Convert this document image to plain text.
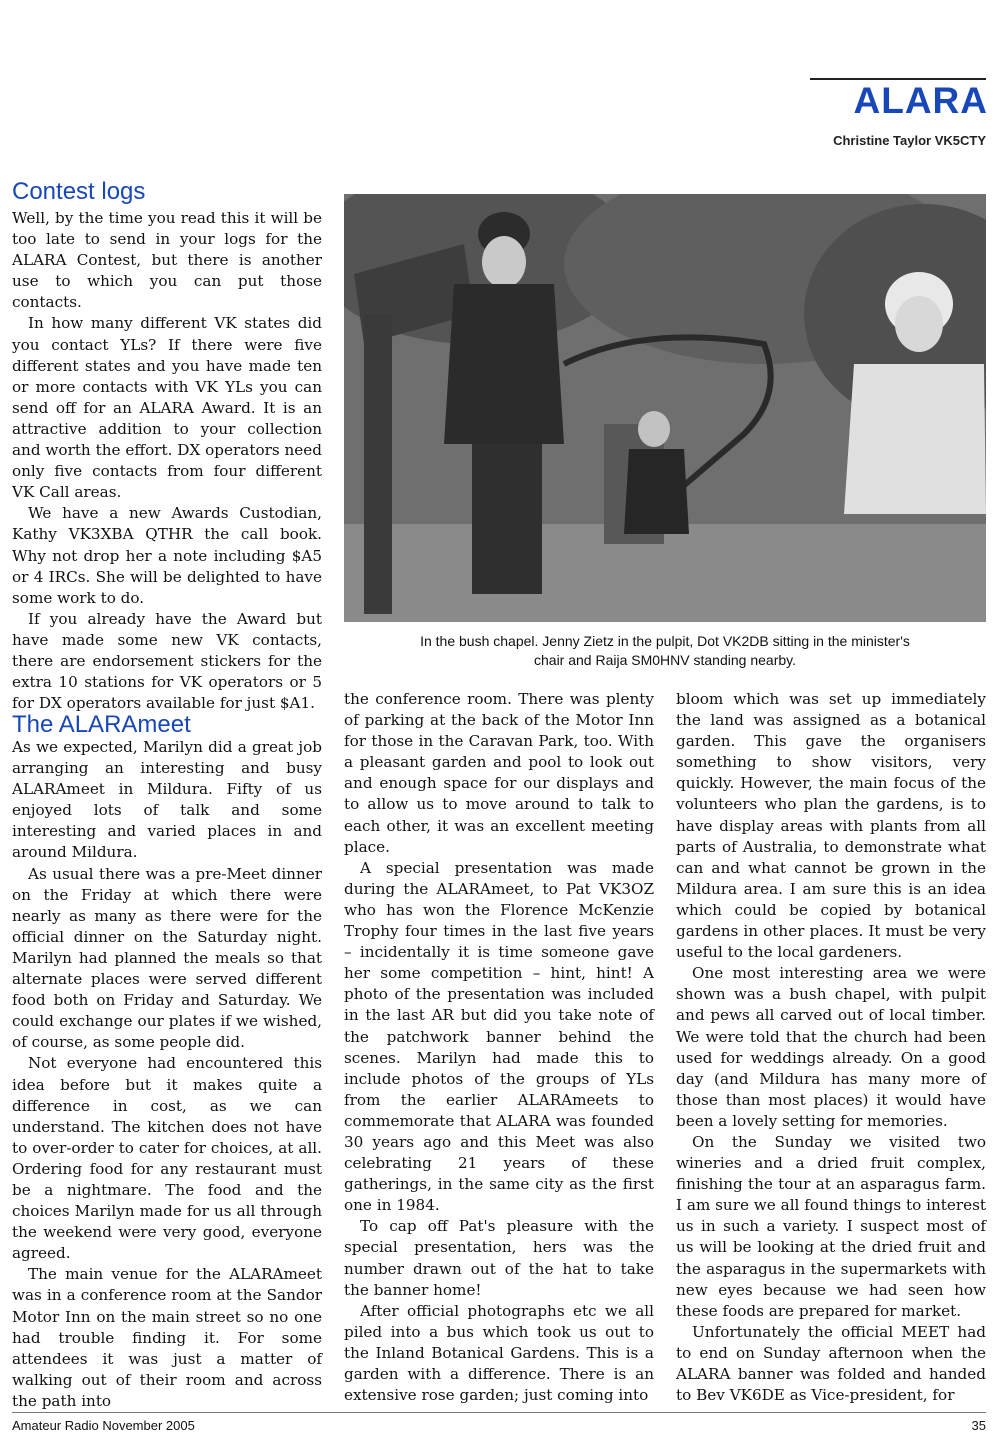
ALARA
Christine Taylor VK5CTY
Contest logs

Well, by the time you read this it will be too late to send in your logs for the ALARA Contest, but there is another use to which you can put those contacts.

In how many different VK states did you contact YLs? If there were five different states and you have made ten or more contacts with VK YLs you can send off for an ALARA Award. It is an attractive addition to your collection and worth the effort. DX operators need only five contacts from four different VK Call areas.

We have a new Awards Custodian, Kathy VK3XBA QTHR the call book. Why not drop her a note including $A5 or 4 IRCs. She will be delighted to have some work to do.

If you already have the Award but have made some new VK contacts, there are endorsement stickers for the extra 10 stations for VK operators or 5 for DX operators available for just $A1.

The ALARAmeet

As we expected, Marilyn did a great job arranging an interesting and busy ALARAmeet in Mildura. Fifty of us enjoyed lots of talk and some interesting and varied places in and around Mildura.

As usual there was a pre-Meet dinner on the Friday at which there were nearly as many as there were for the official dinner on the Saturday night. Marilyn had planned the meals so that alternate places were served different food both on Friday and Saturday. We could exchange our plates if we wished, of course, as some people did.

Not everyone had encountered this idea before but it makes quite a difference in cost, as we can understand. The kitchen does not have to over-order to cater for choices, at all. Ordering food for any restaurant must be a nightmare. The food and the choices Marilyn made for us all through the weekend were very good, everyone agreed.

The main venue for the ALARAmeet was in a conference room at the Sandor Motor Inn on the main street so no one had trouble finding it. For some attendees it was just a matter of walking out of their room and across the path into

In the bush chapel. Jenny Zietz in the pulpit, Dot VK2DB sitting in the minister's
chair and Raija SM0HNV standing nearby.

the conference room. There was plenty of parking at the back of the Motor Inn for those in the Caravan Park, too. With a pleasant garden and pool to look out and enough space for our displays and to allow us to move around to talk to each other, it was an excellent meeting place.

A special presentation was made during the ALARAmeet, to Pat VK3OZ who has won the Florence McKenzie Trophy four times in the last five years – incidentally it is time someone gave her some competition – hint, hint! A photo of the presentation was included in the last AR but did you take note of the patchwork banner behind the scenes. Marilyn had made this to include photos of the groups of YLs from the earlier ALARAmeets to commemorate that ALARA was founded 30 years ago and this Meet was also celebrating 21 years of these gatherings, in the same city as the first one in 1984.

To cap off Pat's pleasure with the special presentation, hers was the number drawn out of the hat to take the banner home!

After official photographs etc we all piled into a bus which took us out to the Inland Botanical Gardens. This is a garden with a difference. There is an extensive rose garden; just coming into

bloom which was set up immediately the land was assigned as a botanical garden. This gave the organisers something to show visitors, very quickly. However, the main focus of the volunteers who plan the gardens, is to have display areas with plants from all parts of Australia, to demonstrate what can and what cannot be grown in the Mildura area. I am sure this is an idea which could be copied by botanical gardens in other places. It must be very useful to the local gardeners.

One most interesting area we were shown was a bush chapel, with pulpit and pews all carved out of local timber. We were told that the church had been used for weddings already. On a good day (and Mildura has many more of those than most places) it would have been a lovely setting for memories.

On the Sunday we visited two wineries and a dried fruit complex, finishing the tour at an asparagus farm. I am sure we all found things to interest us in such a variety. I suspect most of us will be looking at the dried fruit and the asparagus in the supermarkets with new eyes because we had seen how these foods are prepared for market.

Unfortunately the official MEET had to end on Sunday afternoon when the ALARA banner was folded and handed to Bev VK6DE as Vice-president, for

Amateur Radio November 2005	35
